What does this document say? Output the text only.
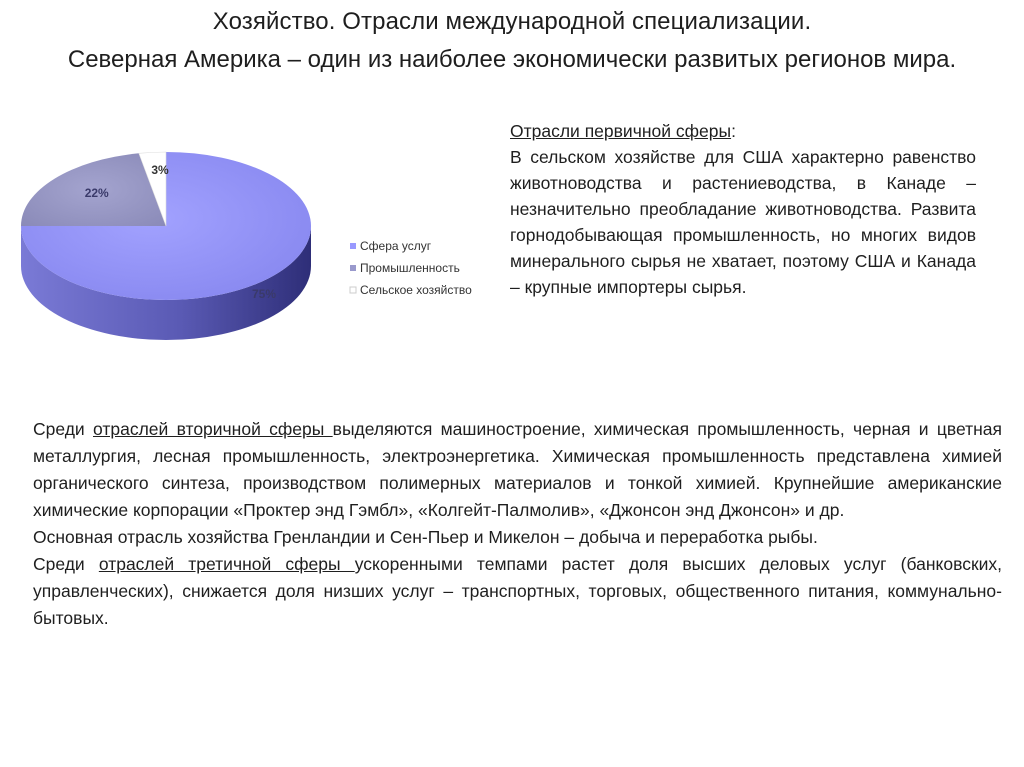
Хозяйство. Отрасли международной специализации.
Северная Америка – один из наиболее экономически развитых регионов мира.
75%
22%
3%
Сфера услуг
Промышленность
Сельское хозяйство
Отрасли первичной сферы:
В сельском хозяйстве для США характерно равенство животноводства и растениеводства, в Канаде – незначительно преобладание животноводства. Развита горнодобывающая промышленность, но многих видов минерального сырья не хватает, поэтому США и Канада – крупные импортеры сырья.

Среди отраслей вторичной сферы выделяются машиностроение, химическая промышленность, черная и цветная металлургия, лесная промышленность, электроэнергетика. Химическая промышленность представлена химией органического синтеза, производством полимерных материалов и тонкой химией. Крупнейшие американские химические корпорации «Проктер энд Гэмбл», «Колгейт-Палмолив», «Джонсон энд Джонсон» и др.

Основная отрасль хозяйства Гренландии и Сен-Пьер и Микелон – добыча и переработка рыбы.

Среди отраслей третичной сферы ускоренными темпами растет доля высших деловых услуг (банковских, управленческих), снижается доля низших услуг – транспортных, торговых, общественного питания, коммунально-бытовых.
